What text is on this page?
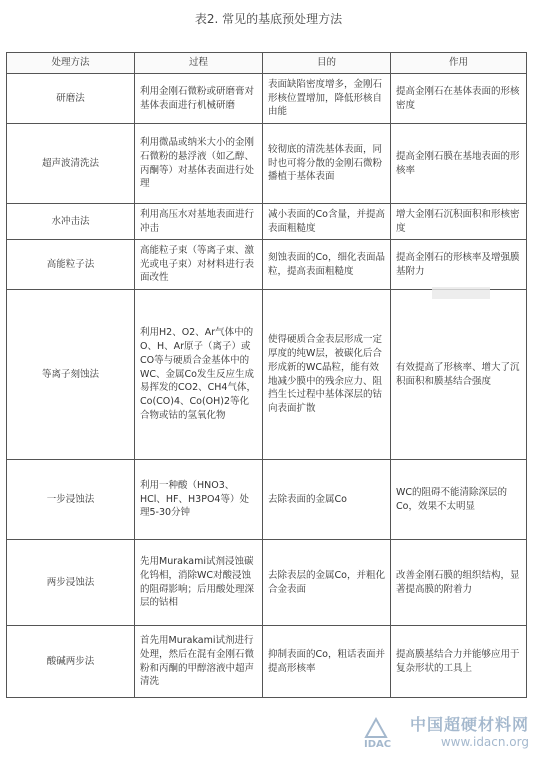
表2. 常见的基底预处理方法
处理方法	过程	目的	作用
研磨法	利用金刚石微粉或研磨膏对基体表面进行机械研磨	表面缺陷密度增多，金刚石形核位置增加，降低形核自由能	提高金刚石在基体表面的形核密度
超声波清洗法	利用微晶或纳米大小的金刚石微粉的悬浮液（如乙醇、丙酮等）对基体表面进行处理	较彻底的清洗基体表面，同时也可将分散的金刚石微粉播植于基体表面	提高金刚石膜在基地表面的形核率
水冲击法	利用高压水对基地表面进行冲击	减小表面的Co含量，并提高表面粗糙度	增大金刚石沉积面积和形核密度
高能粒子法	高能粒子束（等离子束、激光或电子束）对材料进行表面改性	刻蚀表面的Co，细化表面晶粒，提高表面粗糙度	提高金刚石的形核率及增强膜基附力
等离子刻蚀法	利用H2、O2、Ar气体中的O、H、Ar原子（离子）或CO等与硬质合金基体中的WC、金属Co发生反应生成易挥发的CO2、CH4气体，Co(CO)4、Co(OH)2等化合物或钴的氢氧化物	使得硬质合金表层形成一定厚度的纯W层，被碳化后合形成新的WC晶粒，能有效地减少膜中的残余应力、阻挡生长过程中基体深层的钴向表面扩散	有效提高了形核率、增大了沉积面积和膜基结合强度
一步浸蚀法	利用一种酸（HNO3、HCl、HF、H3PO4等）处理5-30分钟	去除表面的金属Co	WC的阻碍不能清除深层的Co，效果不太明显
两步浸蚀法	先用Murakami试剂浸蚀碳化钨相，消除WC对酸浸蚀的阻碍影响；后用酸处理深层的钴相	去除表层的金属Co，并粗化合金表面	改善金刚石膜的组织结构，显著提高膜的附着力
酸碱两步法	首先用Murakami试剂进行处理，然后在混有金刚石微粉和丙酮的甲醇溶液中超声清洗	抑制表面的Co，粗话表面并提高形核率	提高膜基结合力并能够应用于复杂形状的工具上
IDAC
中国超硬材料网
www.idacn.org
